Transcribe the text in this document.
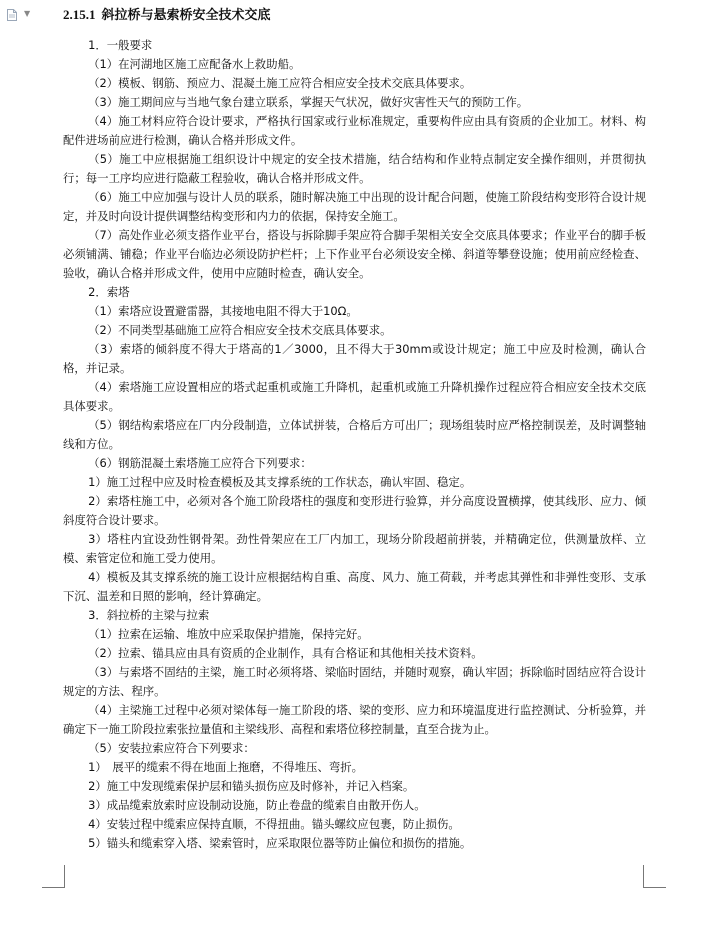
▼	2.15.1 斜拉桥与悬索桥安全技术交底

1．一般要求

（1）在河湖地区施工应配备水上救助船。

（2）模板、钢筋、预应力、混凝土施工应符合相应安全技术交底具体要求。

（3）施工期间应与当地气象台建立联系，掌握天气状况，做好灾害性天气的预防工作。

（4）施工材料应符合设计要求，严格执行国家或行业标准规定，重要构件应由具有资质的企业加工。材料、构配件进场前应进行检测，确认合格并形成文件。

（5）施工中应根据施工组织设计中规定的安全技术措施，结合结构和作业特点制定安全操作细则，并贯彻执行；每一工序均应进行隐蔽工程验收，确认合格并形成文件。

（6）施工中应加强与设计人员的联系，随时解决施工中出现的设计配合问题，使施工阶段结构变形符合设计规定，并及时向设计提供调整结构变形和内力的依据，保持安全施工。

（7）高处作业必须支搭作业平台，搭设与拆除脚手架应符合脚手架相关安全交底具体要求；作业平台的脚手板必须铺满、铺稳；作业平台临边必须设防护栏杆；上下作业平台必须设安全梯、斜道等攀登设施；使用前应经检查、验收，确认合格并形成文件，使用中应随时检查，确认安全。

2．索塔

（1）索塔应设置避雷器，其接地电阻不得大于10Ω。

（2）不同类型基础施工应符合相应安全技术交底具体要求。

（3）索塔的倾斜度不得大于塔高的1／3000，且不得大于30mm或设计规定；施工中应及时检测，确认合格，并记录。

（4）索塔施工应设置相应的塔式起重机或施工升降机，起重机或施工升降机操作过程应符合相应安全技术交底具体要求。

（5）钢结构索塔应在厂内分段制造，立体试拼装，合格后方可出厂；现场组装时应严格控制误差，及时调整轴线和方位。

（6）钢筋混凝土索塔施工应符合下列要求：

1）施工过程中应及时检查模板及其支撑系统的工作状态，确认牢固、稳定。

2）索塔柱施工中，必须对各个施工阶段塔柱的强度和变形进行验算，并分高度设置横撑，使其线形、应力、倾斜度符合设计要求。

3）塔柱内宜设劲性钢骨架。劲性骨架应在工厂内加工，现场分阶段超前拼装，并精确定位，供测量放样、立模、索管定位和施工受力使用。

4）模板及其支撑系统的施工设计应根据结构自重、高度、风力、施工荷载，并考虑其弹性和非弹性变形、支承下沉、温差和日照的影响，经计算确定。

3．斜拉桥的主梁与拉索

（1）拉索在运输、堆放中应采取保护措施，保持完好。

（2）拉索、锚具应由具有资质的企业制作，具有合格证和其他相关技术资料。

（3）与索塔不固结的主梁，施工时必须将塔、梁临时固结，并随时观察，确认牢固；拆除临时固结应符合设计规定的方法、程序。

（4）主梁施工过程中必须对梁体每一施工阶段的塔、梁的变形、应力和环境温度进行监控测试、分析验算，并确定下一施工阶段拉索张拉量值和主梁线形、高程和索塔位移控制量，直至合拢为止。

（5）安装拉索应符合下列要求：

1）　展平的缆索不得在地面上拖磨，不得堆压、弯折。

2）施工中发现缆索保护层和锚头损伤应及时修补，并记入档案。

3）成品缆索放索时应设制动设施，防止卷盘的缆索自由散开伤人。

4）安装过程中缆索应保持直顺，不得扭曲。锚头螺纹应包裹，防止损伤。

5）锚头和缆索穿入塔、梁索管时，应采取限位器等防止偏位和损伤的措施。
